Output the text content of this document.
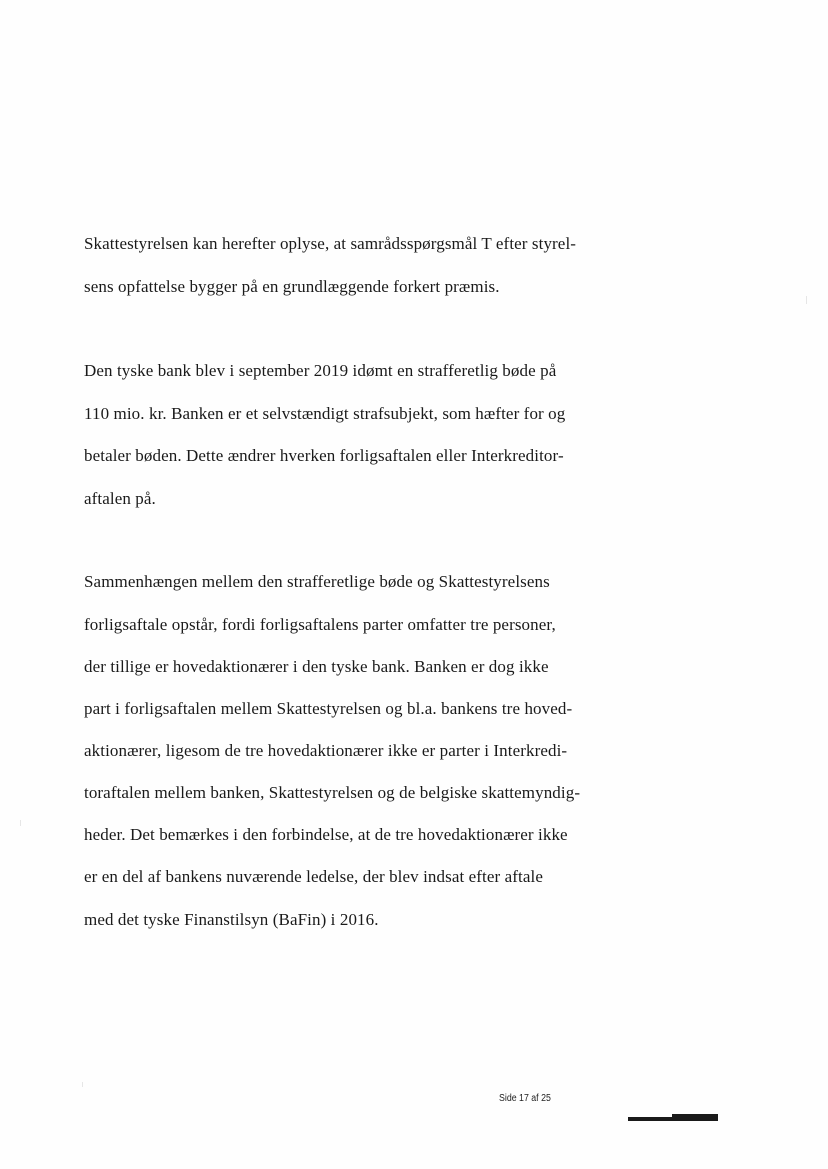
Skattestyrelsen kan herefter oplyse, at samrådsspørgsmål T efter styrel-
sens opfattelse bygger på en grundlæggende forkert præmis.
Den tyske bank blev i september 2019 idømt en strafferetlig bøde på
110 mio. kr. Banken er et selvstændigt strafsubjekt, som hæfter for og
betaler bøden. Dette ændrer hverken forligsaftalen eller Interkreditor-
aftalen på.
Sammenhængen mellem den strafferetlige bøde og Skattestyrelsens
forligsaftale opstår, fordi forligsaftalens parter omfatter tre personer,
der tillige er hovedaktionærer i den tyske bank. Banken er dog ikke
part i forligsaftalen mellem Skattestyrelsen og bl.a. bankens tre hoved-
aktionærer, ligesom de tre hovedaktionærer ikke er parter i Interkredi-
toraftalen mellem banken, Skattestyrelsen og de belgiske skattemyndig-
heder. Det bemærkes i den forbindelse, at de tre hovedaktionærer ikke
er en del af bankens nuværende ledelse, der blev indsat efter aftale
med det tyske Finanstilsyn (BaFin) i 2016.
Side 17 af 25
